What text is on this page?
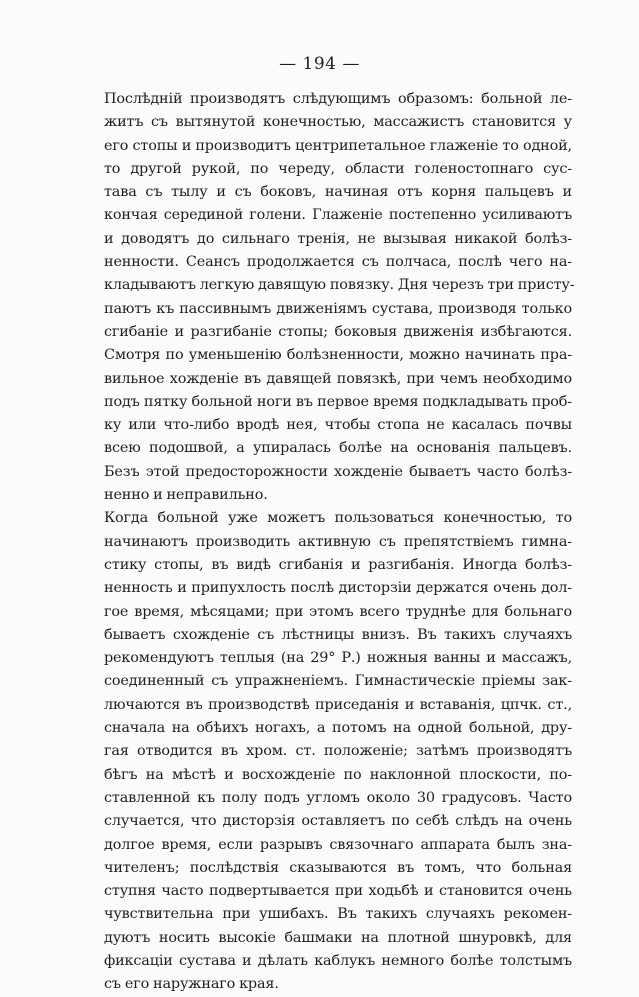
— 194 —
Послѣдній производятъ слѣдующимъ образомъ: больной ле-
житъ съ вытянутой конечностью, массажистъ становится у
его стопы и производитъ центрипетальное глаженіе то одной,
то другой рукой, по череду, области голеностопнаго сус-
тава съ тылу и съ боковъ, начиная отъ корня пальцевъ и
кончая серединой голени. Глаженіе постепенно усиливаютъ
и доводятъ до сильнаго тренія, не вызывая никакой болѣз-
ненности. Сеансъ продолжается съ полчаса, послѣ чего на-
кладываютъ легкую давящую повязку. Дня черезъ три присту-
паютъ къ пассивнымъ движеніямъ сустава, производя только
сгибаніе и разгибаніе стопы; боковыя движенія избѣгаются.
Смотря по уменьшенію болѣзненности, можно начинать пра-
вильное хожденіе въ давящей повязкѣ, при чемъ необходимо
подъ пятку больной ноги въ первое время подкладывать проб-
ку или что-либо вродѣ нея, чтобы стопа не касалась почвы
всею подошвой, а упиралась болѣе на основанія пальцевъ.
Безъ этой предосторожности хожденіе бываетъ часто болѣз-
ненно и неправильно.
Когда больной уже можетъ пользоваться конечностью, то
начинаютъ производить активную съ препятствіемъ гимна-
стику стопы, въ видѣ сгибанія и разгибанія. Иногда болѣз-
ненность и припухлость послѣ дисторзіи держатся очень дол-
гое время, мѣсяцами; при этомъ всего труднѣе для больнаго
бываетъ схожденіе съ лѣстницы внизъ. Въ такихъ случаяхъ
рекомендуютъ теплыя (на 29° Р.) ножныя ванны и массажъ,
соединенный съ упражненіемъ. Гимнастическіе пріемы зак-
лючаются въ производствѣ приседанія и вставанія, цпчк. ст.,
сначала на обѣихъ ногахъ, а потомъ на одной больной, дру-
гая отводится въ хром. ст. положеніе; затѣмъ производятъ
бѣгъ на мѣстѣ и восхожденіе по наклонной плоскости, по-
ставленной къ полу подъ угломъ около 30 градусовъ. Часто
случается, что дисторзія оставляетъ по себѣ слѣдъ на очень
долгое время, если разрывъ связочнаго аппарата былъ зна-
чителенъ; послѣдствія сказываются въ томъ, что больная
ступня часто подвертывается при ходьбѣ и становится очень
чувствительна при ушибахъ. Въ такихъ случаяхъ рекомен-
дуютъ носить высокіе башмаки на плотной шнуровкѣ, для
фиксаціи сустава и дѣлать каблукъ немного болѣе толстымъ
съ его наружнаго края.
